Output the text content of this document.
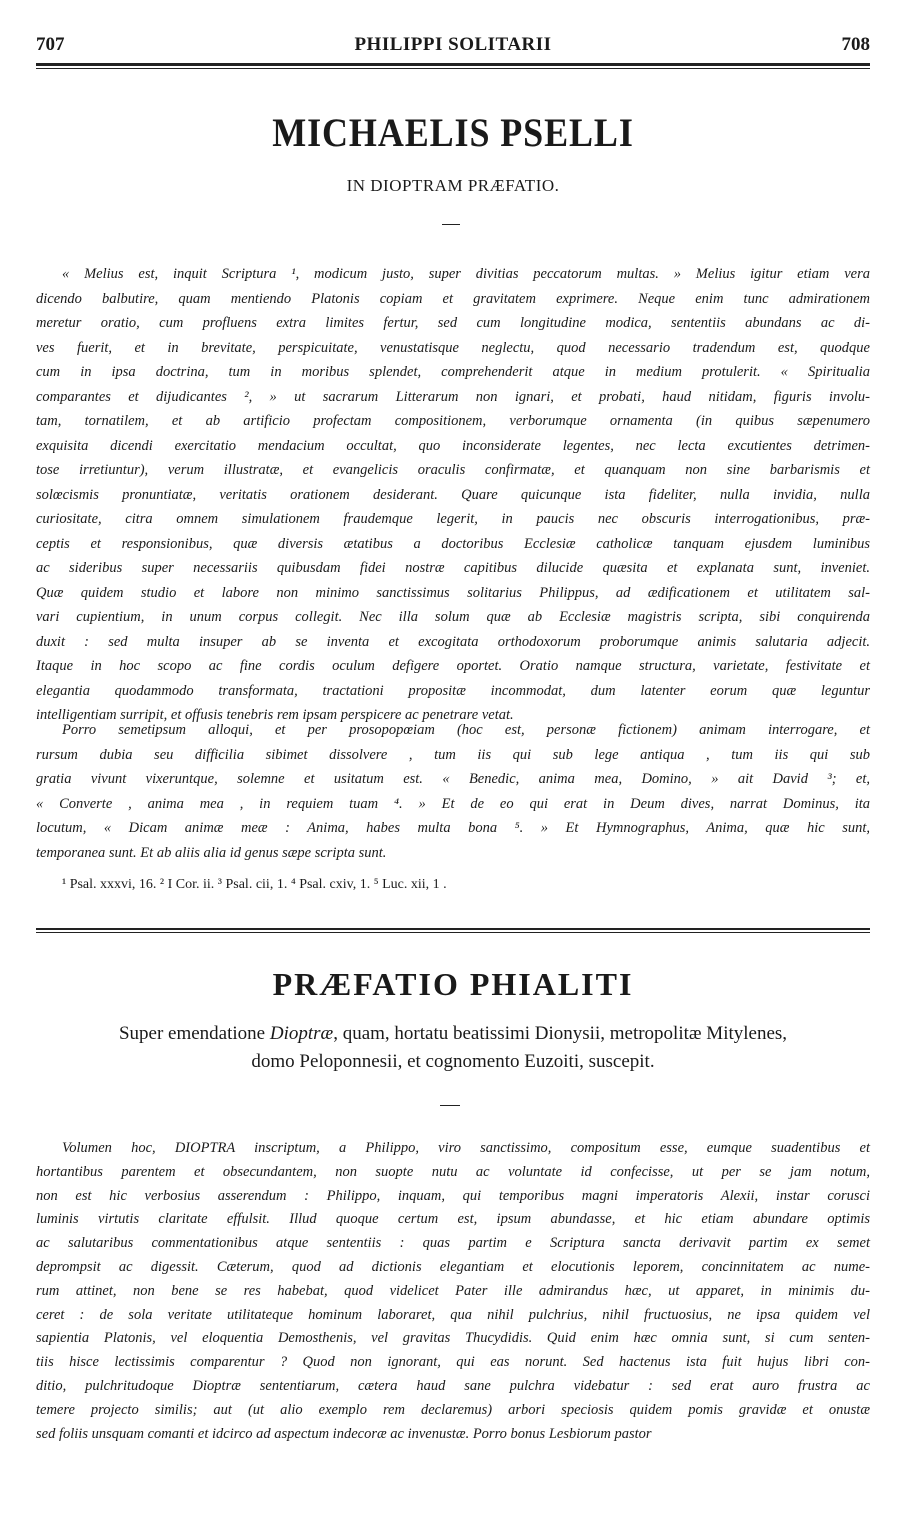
707	PHILIPPI SOLITARII	708
MICHAELIS PSELLI
IN DIOPTRAM PRÆFATIO.

« Melius est, inquit Scriptura ¹, modicum justo, super divitias peccatorum multas. » Melius igitur etiam vera

dicendo balbutire, quam mentiendo Platonis copiam et gravitatem exprimere. Neque enim tunc admirationem

meretur oratio, cum profluens extra limites fertur, sed cum longitudine modica, sententiis abundans ac di-

ves fuerit, et in brevitate, perspicuitate, venustatisque neglectu, quod necessario tradendum est, quodque

cum in ipsa doctrina, tum in moribus splendet, comprehenderit atque in medium protulerit. « Spiritualia

comparantes et dijudicantes ², » ut sacrarum Litterarum non ignari, et probati, haud nitidam, figuris involu-

tam, tornatilem, et ab artificio profectam compositionem, verborumque ornamenta (in quibus sæpenumero

exquisita dicendi exercitatio mendacium occultat, quo inconsiderate legentes, nec lecta excutientes detrimen-

tose irretiuntur), verum illustratæ, et evangelicis oraculis confirmatæ, et quanquam non sine barbarismis et

solœcismis pronuntiatæ, veritatis orationem desiderant. Quare quicunque ista fideliter, nulla invidia, nulla

curiositate, citra omnem simulationem fraudemque legerit, in paucis nec obscuris interrogationibus, præ-

ceptis et responsionibus, quæ diversis ætatibus a doctoribus Ecclesiæ catholicæ tanquam ejusdem luminibus

ac sideribus super necessariis quibusdam fidei nostræ capitibus dilucide quæsita et explanata sunt, inveniet.

Quæ quidem studio et labore non minimo sanctissimus solitarius Philippus, ad ædificationem et utilitatem sal-

vari cupientium, in unum corpus collegit. Nec illa solum quæ ab Ecclesiæ magistris scripta, sibi conquirenda

duxit : sed multa insuper ab se inventa et excogitata orthodoxorum proborumque animis salutaria adjecit.

Itaque in hoc scopo ac fine cordis oculum defigere oportet. Oratio namque structura, varietate, festivitate et

elegantia quodammodo transformata, tractationi propositæ incommodat, dum latenter eorum quæ leguntur

intelligentiam surripit, et offusis tenebris rem ipsam perspicere ac penetrare vetat.

Porro semetipsum alloqui, et per prosopopœiam (hoc est, personæ fictionem) animam interrogare, et

rursum dubia seu difficilia sibimet dissolvere , tum iis qui sub lege antiqua , tum iis qui sub

gratia vivunt vixeruntque, solemne et usitatum est. « Benedic, anima mea, Domino, » ait David ³; et,

« Converte , anima mea , in requiem tuam ⁴. » Et de eo qui erat in Deum dives, narrat Dominus, ita

locutum, « Dicam animæ meæ : Anima, habes multa bona ⁵. » Et Hymnographus, Anima, quæ hic sunt,

temporanea sunt. Et ab aliis alia id genus sæpe scripta sunt.

¹ Psal. xxxvi, 16. ² I Cor. ii. ³ Psal. cii, 1. ⁴ Psal. cxiv, 1. ⁵ Luc. xii, 1 .
PRÆFATIO PHIALITI
Super emendatione Dioptræ, quam, hortatu beatissimi Dionysii, metropolitæ Mitylenes,
domo Peloponnesii, et cognomento Euzoiti, suscepit.

Volumen hoc, DIOPTRA inscriptum, a Philippo, viro sanctissimo, compositum esse, eumque suadentibus et

hortantibus parentem et obsecundantem, non suopte nutu ac voluntate id confecisse, ut per se jam notum,

non est hic verbosius asserendum : Philippo, inquam, qui temporibus magni imperatoris Alexii, instar corusci

luminis virtutis claritate effulsit. Illud quoque certum est, ipsum abundasse, et hic etiam abundare optimis

ac salutaribus commentationibus atque sententiis : quas partim e Scriptura sancta derivavit partim ex semet

deprompsit ac digessit. Cæterum, quod ad dictionis elegantiam et elocutionis leporem, concinnitatem ac nume-

rum attinet, non bene se res habebat, quod videlicet Pater ille admirandus hæc, ut apparet, in minimis du-

ceret : de sola veritate utilitateque hominum laboraret, qua nihil pulchrius, nihil fructuosius, ne ipsa quidem vel

sapientia Platonis, vel eloquentia Demosthenis, vel gravitas Thucydidis. Quid enim hæc omnia sunt, si cum senten-

tiis hisce lectissimis comparentur ? Quod non ignorant, qui eas norunt. Sed hactenus ista fuit hujus libri con-

ditio, pulchritudoque Dioptræ sententiarum, cætera haud sane pulchra videbatur : sed erat auro frustra ac

temere projecto similis; aut (ut alio exemplo rem declaremus) arbori speciosis quidem pomis gravidæ et onustæ

sed foliis unsquam comanti et idcirco ad aspectum indecoræ ac invenustæ. Porro bonus Lesbiorum pastor
